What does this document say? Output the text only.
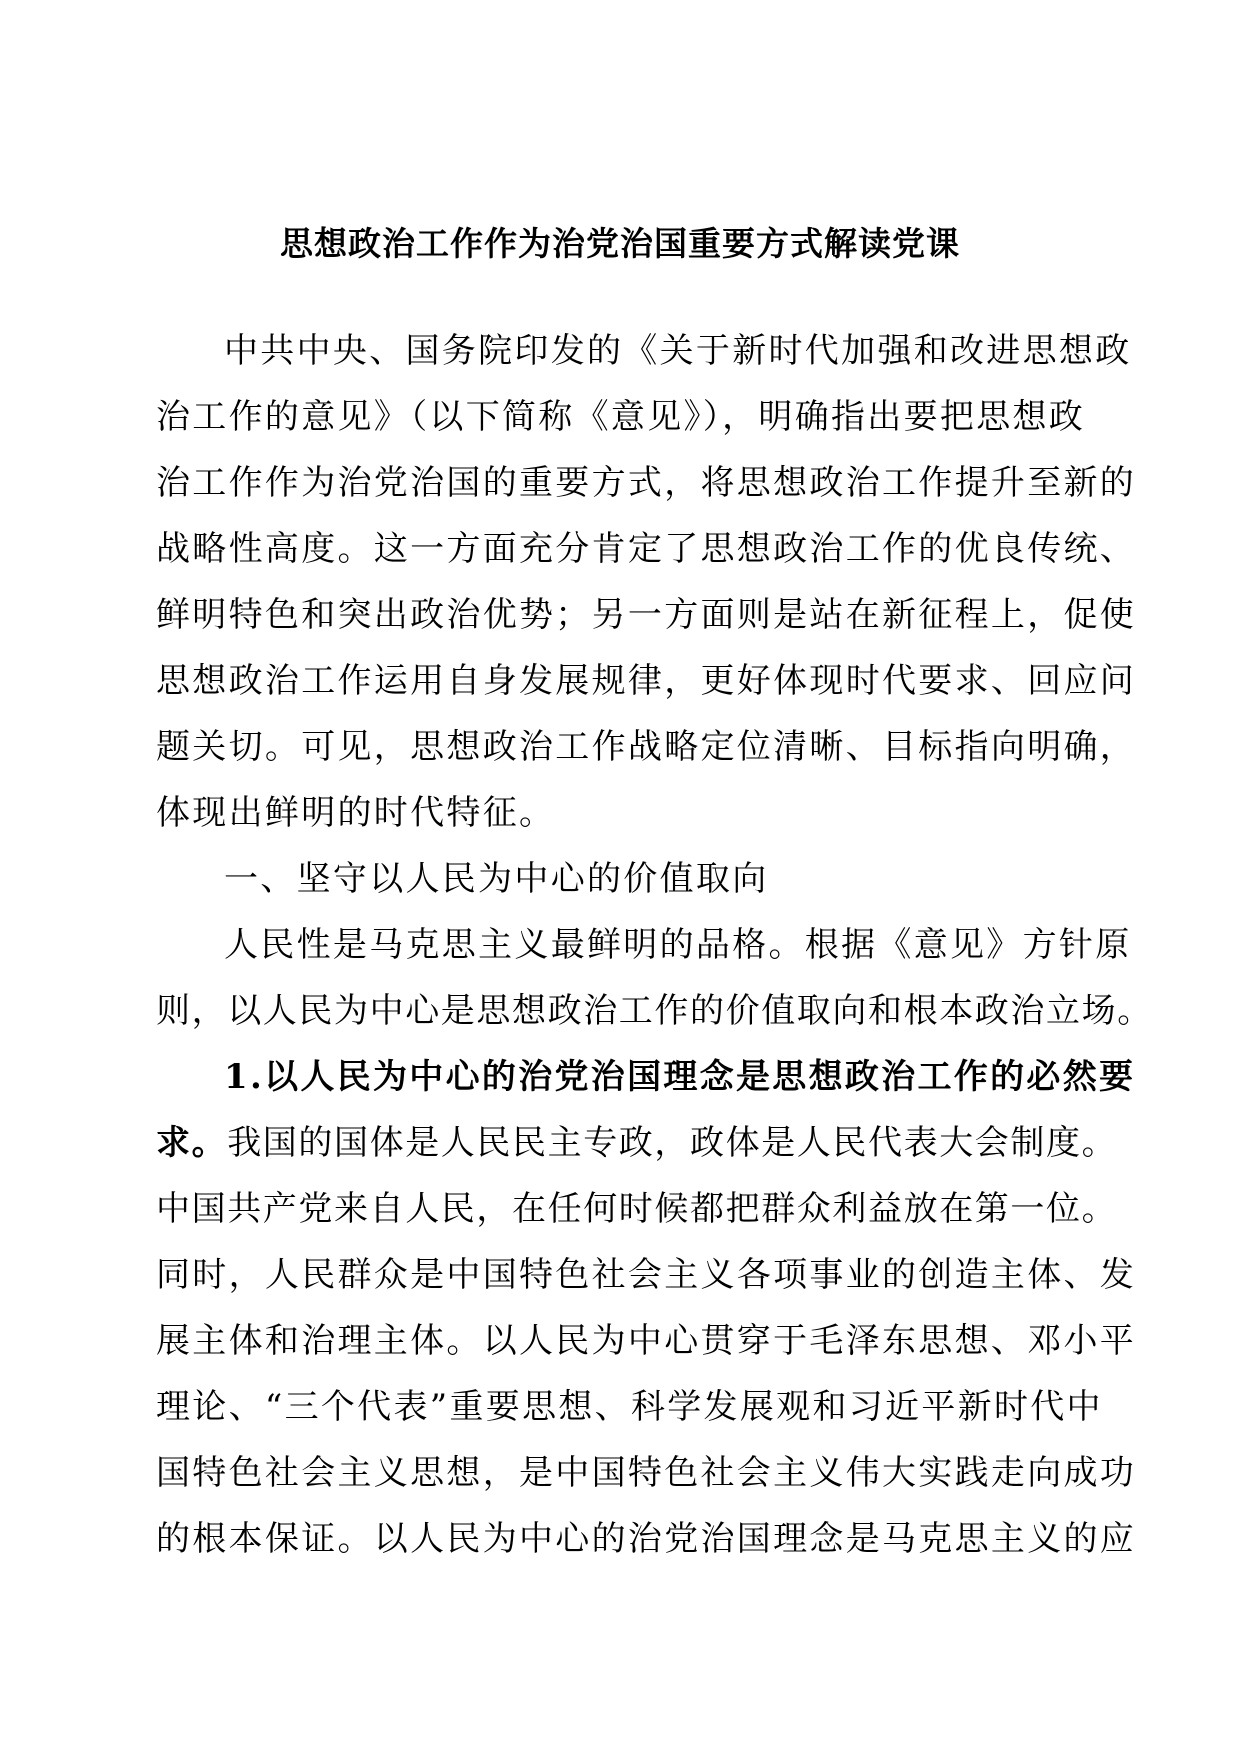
思想政治工作作为治党治国重要方式解读党课
中共中央、国务院印发的《关于新时代加强和改进思想政
治工作的意见》（以下简称《意见》），明确指出要把思想政
治工作作为治党治国的重要方式，将思想政治工作提升至新的
战略性高度。这一方面充分肯定了思想政治工作的优良传统、
鲜明特色和突出政治优势；另一方面则是站在新征程上，促使
思想政治工作运用自身发展规律，更好体现时代要求、回应问
题关切。可见，思想政治工作战略定位清晰、目标指向明确，
体现出鲜明的时代特征。
一、坚守以人民为中心的价值取向
人民性是马克思主义最鲜明的品格。根据《意见》方针原
则，以人民为中心是思想政治工作的价值取向和根本政治立场。
1.以人民为中心的治党治国理念是思想政治工作的必然要
求。我国的国体是人民民主专政，政体是人民代表大会制度。
中国共产党来自人民，在任何时候都把群众利益放在第一位。
同时，人民群众是中国特色社会主义各项事业的创造主体、发
展主体和治理主体。以人民为中心贯穿于毛泽东思想、邓小平
理论、“三个代表”重要思想、科学发展观和习近平新时代中
国特色社会主义思想，是中国特色社会主义伟大实践走向成功
的根本保证。以人民为中心的治党治国理念是马克思主义的应
